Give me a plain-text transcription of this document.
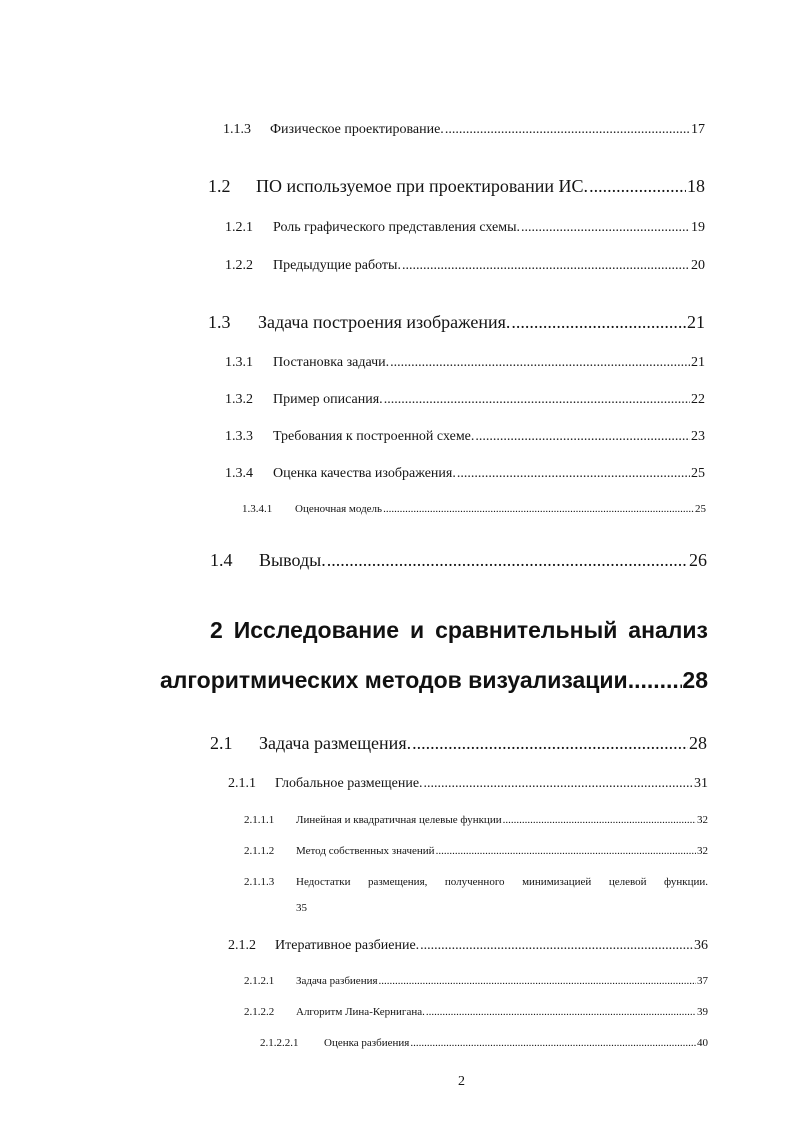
1.1.3	Физическое проектирование. .....	17
1.2	ПО используемое при проектировании ИС. .....	18
1.2.1	Роль графического представления схемы. .....	19
1.2.2	Предыдущие работы. .....	20
1.3	Задача построения изображения. .....	21
1.3.1	Постановка задачи. .....	21
1.3.2	Пример описания. .....	22
1.3.3	Требования к построенной схеме. .....	23
1.3.4	Оценка качества изображения. .....	25
1.3.4.1	Оценочная модель .....	25
1.4	Выводы. .....	26
2 Исследование и сравнительный анализ
алгоритмических методов визуализации. ..... 28
2.1	Задача размещения. .....	28
2.1.1	Глобальное размещение. .....	31
2.1.1.1	Линейная и квадратичная целевые функции .....	32
2.1.1.2	Метод собственных значений .....	32
2.1.1.3	Недостатки размещения, полученного минимизацией целевой функции.
35
2.1.2	Итеративное разбиение. .....	36
2.1.2.1	Задача разбиения .....	37
2.1.2.2	Алгоритм Лина-Кернигана. .....	39
2.1.2.2.1	Оценка разбиения .....	40
2
